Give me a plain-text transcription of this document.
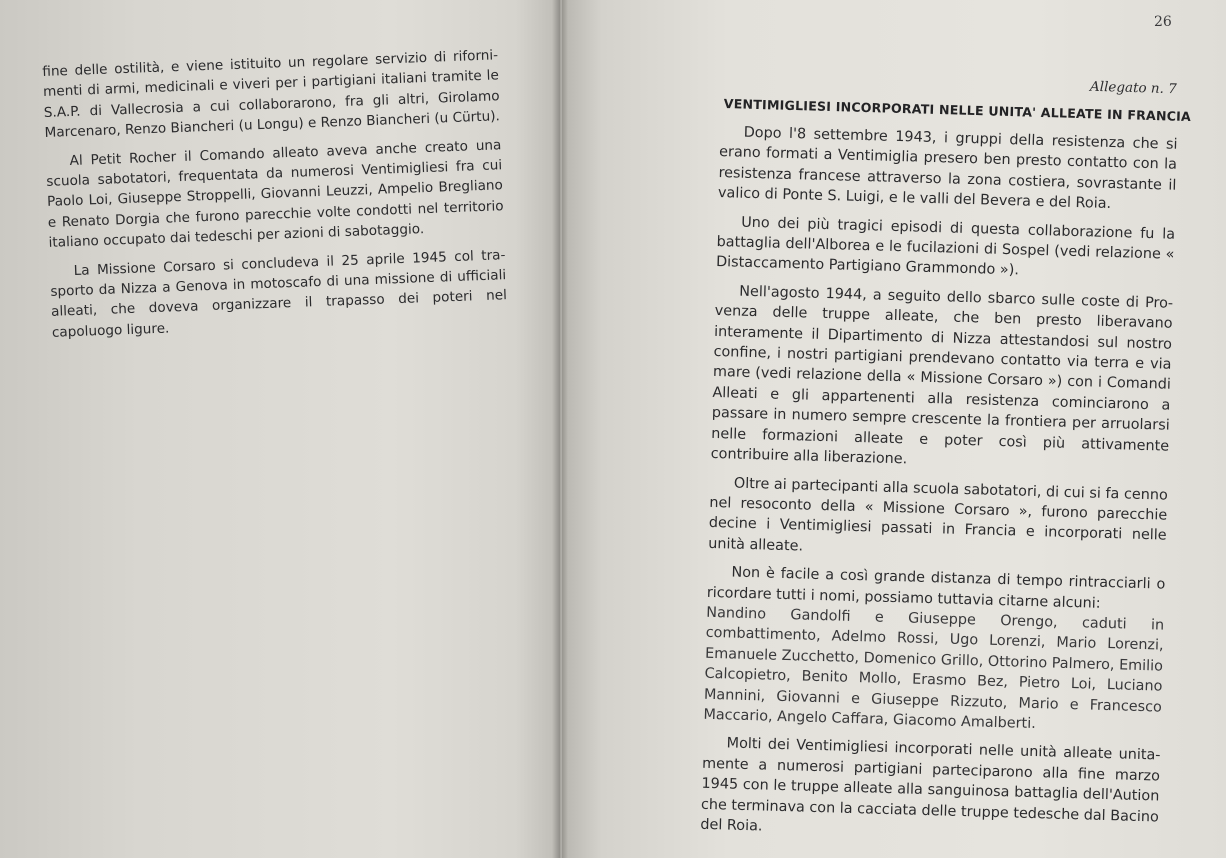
fine delle ostilità, e viene istituito un regolare servizio di rifornimenti di armi, medicinali e viveri per i partigiani italiani tramite le S.A.P. di Vallecrosia a cui collaborarono, fra gli altri, Girolamo Marcenaro, Renzo Biancheri (u Longu) e Renzo Biancheri (u Cürtu).

Al Petit Rocher il Comando alleato aveva anche creato una scuola sabotatori, frequentata da numerosi Ventimigliesi fra cui Paolo Loi, Giuseppe Stroppelli, Giovanni Leuzzi, Ampelio Bregliano e Renato Dorgia che furono parecchie volte condotti nel territorio italiano occupato dai tedeschi per azioni di sabotaggio.

La Missione Corsaro si concludeva il 25 aprile 1945 col trasporto da Nizza a Genova in motoscafo di una missione di ufficiali alleati, che doveva organizzare il trapasso dei poteri nel capoluogo ligure.

26
Allegato n. 7
VENTIMIGLIESI INCORPORATI NELLE UNITA' ALLEATE IN FRANCIA

Dopo l'8 settembre 1943, i gruppi della resistenza che si erano formati a Ventimiglia presero ben presto contatto con la resistenza francese attraverso la zona costiera, sovrastante il valico di Ponte S. Luigi, e le valli del Bevera e del Roia.

Uno dei più tragici episodi di questa collaborazione fu la battaglia dell'Alborea e le fucilazioni di Sospel (vedi relazione « Distaccamento Partigiano Grammondo »).

Nell'agosto 1944, a seguito dello sbarco sulle coste di Provenza delle truppe alleate, che ben presto liberavano interamente il Dipartimento di Nizza attestandosi sul nostro confine, i nostri partigiani prendevano contatto via terra e via mare (vedi relazione della « Missione Corsaro ») con i Comandi Alleati e gli appartenenti alla resistenza cominciarono a passare in numero sempre crescente la frontiera per arruolarsi nelle formazioni alleate e poter così più attivamente contribuire alla liberazione.

Oltre ai partecipanti alla scuola sabotatori, di cui si fa cenno nel resoconto della « Missione Corsaro », furono parecchie decine i Ventimigliesi passati in Francia e incorporati nelle unità alleate.

Non è facile a così grande distanza di tempo rintracciarli o ricordare tutti i nomi, possiamo tuttavia citarne alcuni:

Nandino Gandolfi e Giuseppe Orengo, caduti in combattimento, Adelmo Rossi, Ugo Lorenzi, Mario Lorenzi, Emanuele Zucchetto, Domenico Grillo, Ottorino Palmero, Emilio Calcopietro, Benito Mollo, Erasmo Bez, Pietro Loi, Luciano Mannini, Giovanni e Giuseppe Rizzuto, Mario e Francesco Maccario, Angelo Caffara, Giacomo Amalberti.

Molti dei Ventimigliesi incorporati nelle unità alleate unitamente a numerosi partigiani parteciparono alla fine marzo 1945 con le truppe alleate alla sanguinosa battaglia dell'Aution che terminava con la cacciata delle truppe tedesche dal Bacino del Roia.
